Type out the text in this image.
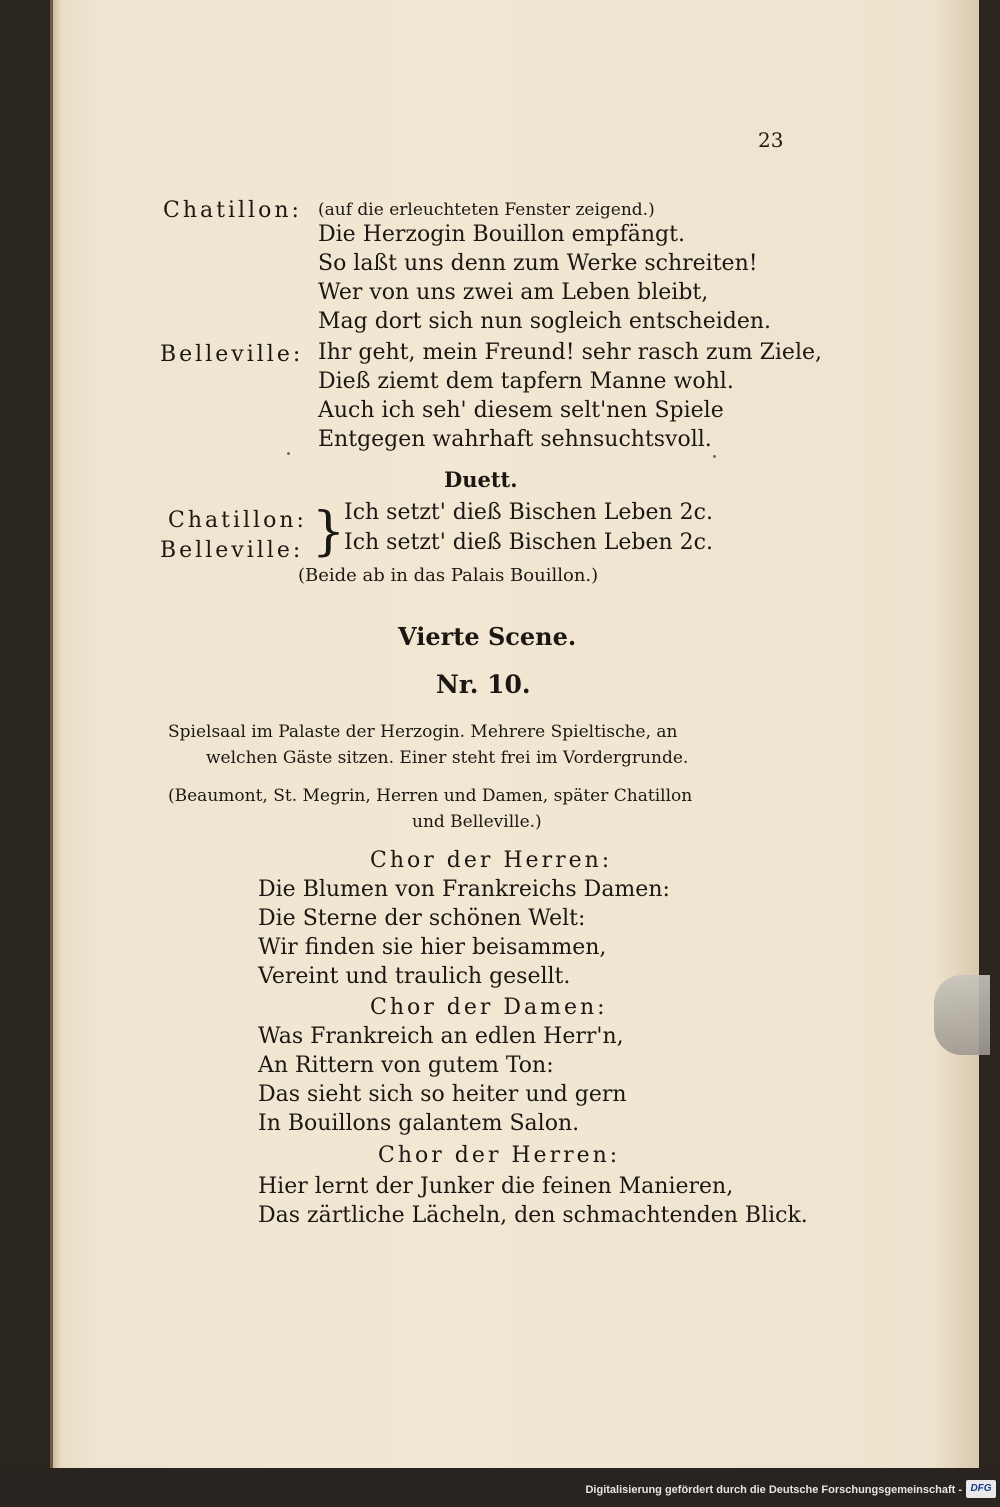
23
Chatillon: (auf die erleuchteten Fenster zeigend.)
Die Herzogin Bouillon empfängt.
So laßt uns denn zum Werke schreiten!
Wer von uns zwei am Leben bleibt,
Mag dort sich nun sogleich entscheiden.
Belleville: Ihr geht, mein Freund! sehr rasch zum Ziele,
Dieß ziemt dem tapfern Manne wohl.
Auch ich seh' diesem selt'nen Spiele
Entgegen wahrhaft sehnsuchtsvoll.
Duett.
Chatillon:
Belleville: }
Ich setzt' dieß Bischen Leben 2c.
Ich setzt' dieß Bischen Leben 2c.
(Beide ab in das Palais Bouillon.)
Vierte Scene.
Nr. 10.
Spielsaal im Palaste der Herzogin. Mehrere Spieltische, an
welchen Gäste sitzen. Einer steht frei im Vordergrunde.
(Beaumont, St. Megrin, Herren und Damen, später Chatillon
und Belleville.)
Chor der Herren:
Die Blumen von Frankreichs Damen:
Die Sterne der schönen Welt:
Wir finden sie hier beisammen,
Vereint und traulich gesellt.
Chor der Damen:
Was Frankreich an edlen Herr'n,
An Rittern von gutem Ton:
Das sieht sich so heiter und gern
In Bouillons galantem Salon.
Chor der Herren:
Hier lernt der Junker die feinen Manieren,
Das zärtliche Lächeln, den schmachtenden Blick.
Digitalisierung gefördert durch die Deutsche Forschungsgemeinschaft - DFG
